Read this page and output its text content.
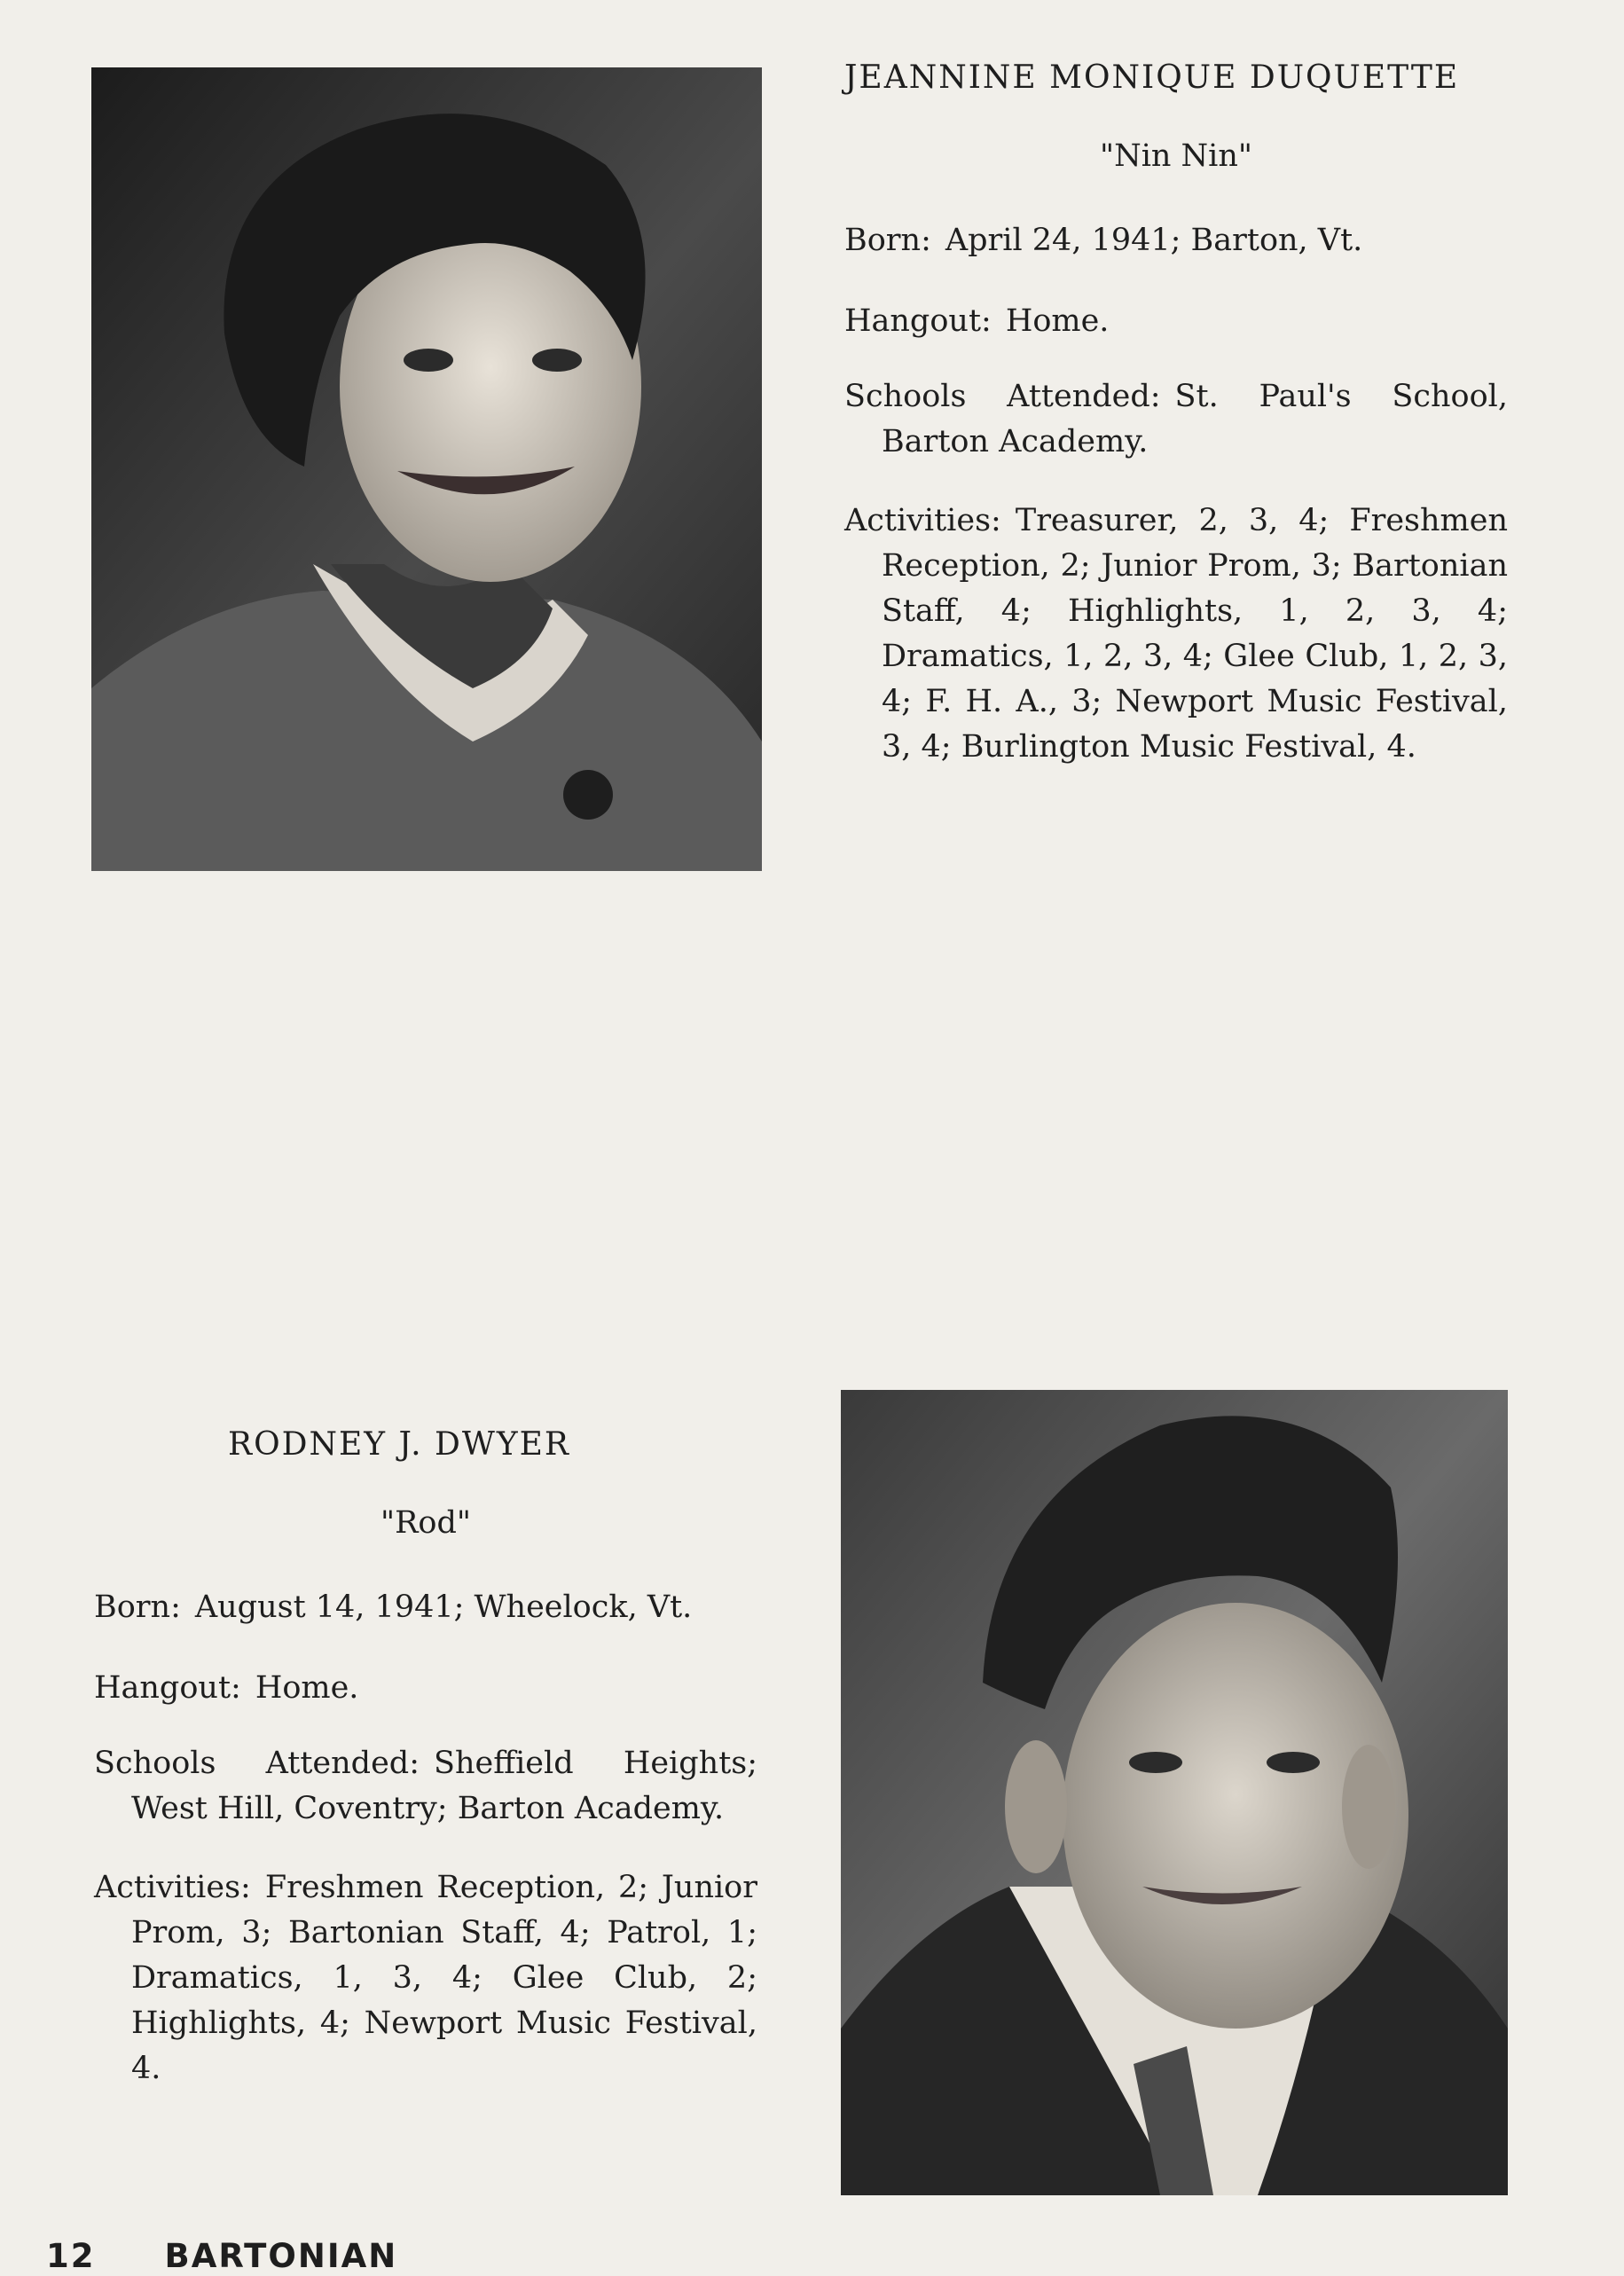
JEANNINE MONIQUE DUQUETTE

"Nin Nin"

Born: April 24, 1941; Barton, Vt.

Hangout: Home.

Schools Attended: St. Paul's School, Barton Academy.

Activities: Treasurer, 2, 3, 4; Freshmen Reception, 2; Junior Prom, 3; Bartonian Staff, 4; Highlights, 1, 2, 3, 4; Dramatics, 1, 2, 3, 4; Glee Club, 1, 2, 3, 4; F. H. A., 3; Newport Music Festival, 3, 4; Burlington Music Festival, 4.

RODNEY J. DWYER

"Rod"

Born: August 14, 1941; Wheelock, Vt.

Hangout: Home.

Schools Attended: Sheffield Heights; West Hill, Coventry; Barton Academy.

Activities: Freshmen Reception, 2; Junior Prom, 3; Bartonian Staff, 4; Patrol, 1; Dramatics, 1, 3, 4; Glee Club, 2; Highlights, 4; Newport Music Festival, 4.

12 BARTONIAN
